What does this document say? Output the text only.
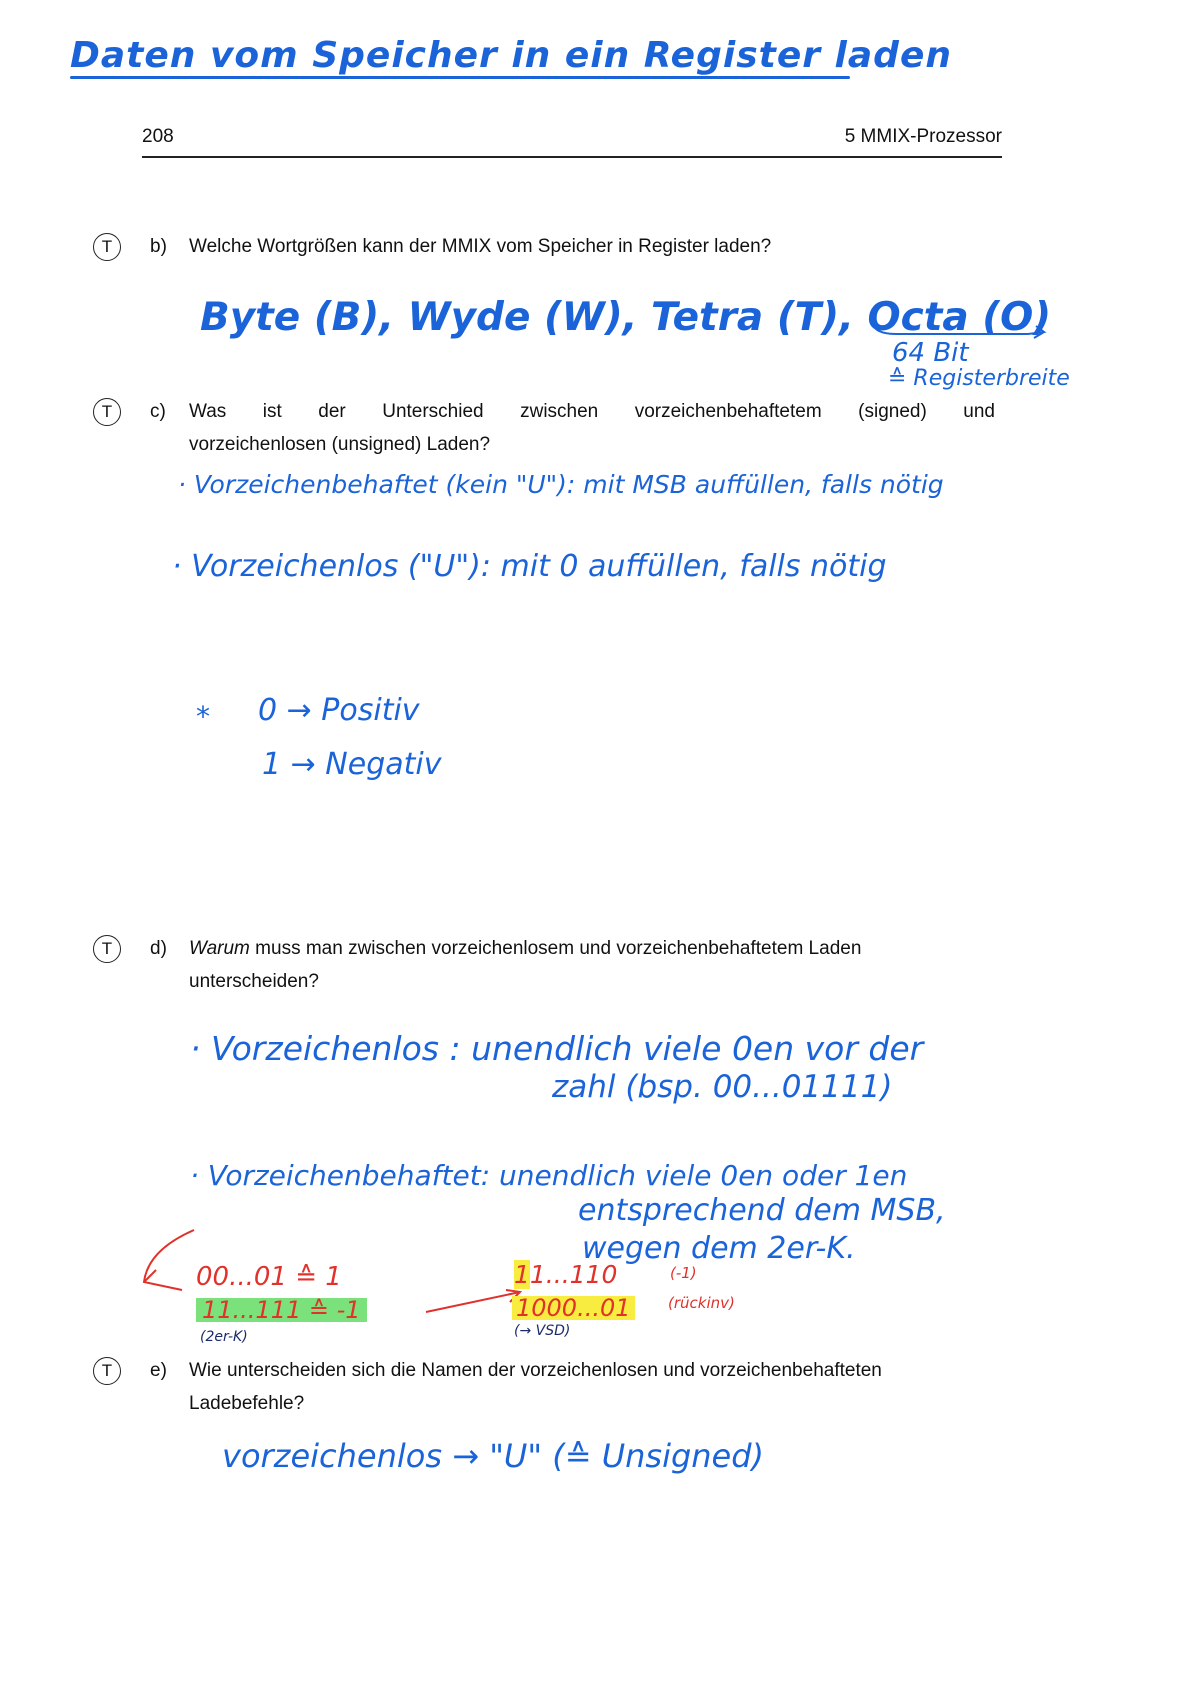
Daten vom Speicher in ein Register laden
208	5 MMIX-Prozessor
T b) Welche Wortgrößen kann der MMIX vom Speicher in Register laden?
Byte (B), Wyde (W), Tetra (T), Octa (O)
64 Bit
≙ Registerbreite
T c) Was ist der Unterschied zwischen vorzeichenbehaftetem (signed) und
vorzeichenlosen (unsigned) Laden?
· Vorzeichenbehaftet (kein "U"): mit MSB auffüllen, falls nötig
· Vorzeichenlos ("U"): mit 0 auffüllen, falls nötig
* 0 → Positiv
1 → Negativ
T d) Warum muss man zwischen vorzeichenlosem und vorzeichenbehaftetem Laden
unterscheiden?
· Vorzeichenlos : unendlich viele 0en vor der
zahl (bsp. 00...01111)
· Vorzeichenbehaftet: unendlich viele 0en oder 1en
entsprechend dem MSB,
wegen dem 2er-K.
00...01 ≙ 1
11...111 ≙ -1
(2er-K)
11...110	(-1)
1000...01 (rückinv)
(→ VSD)
T e) Wie unterscheiden sich die Namen der vorzeichenlosen und vorzeichenbehafteten
Ladebefehle?
vorzeichenlos → "U" (≙ Unsigned)
